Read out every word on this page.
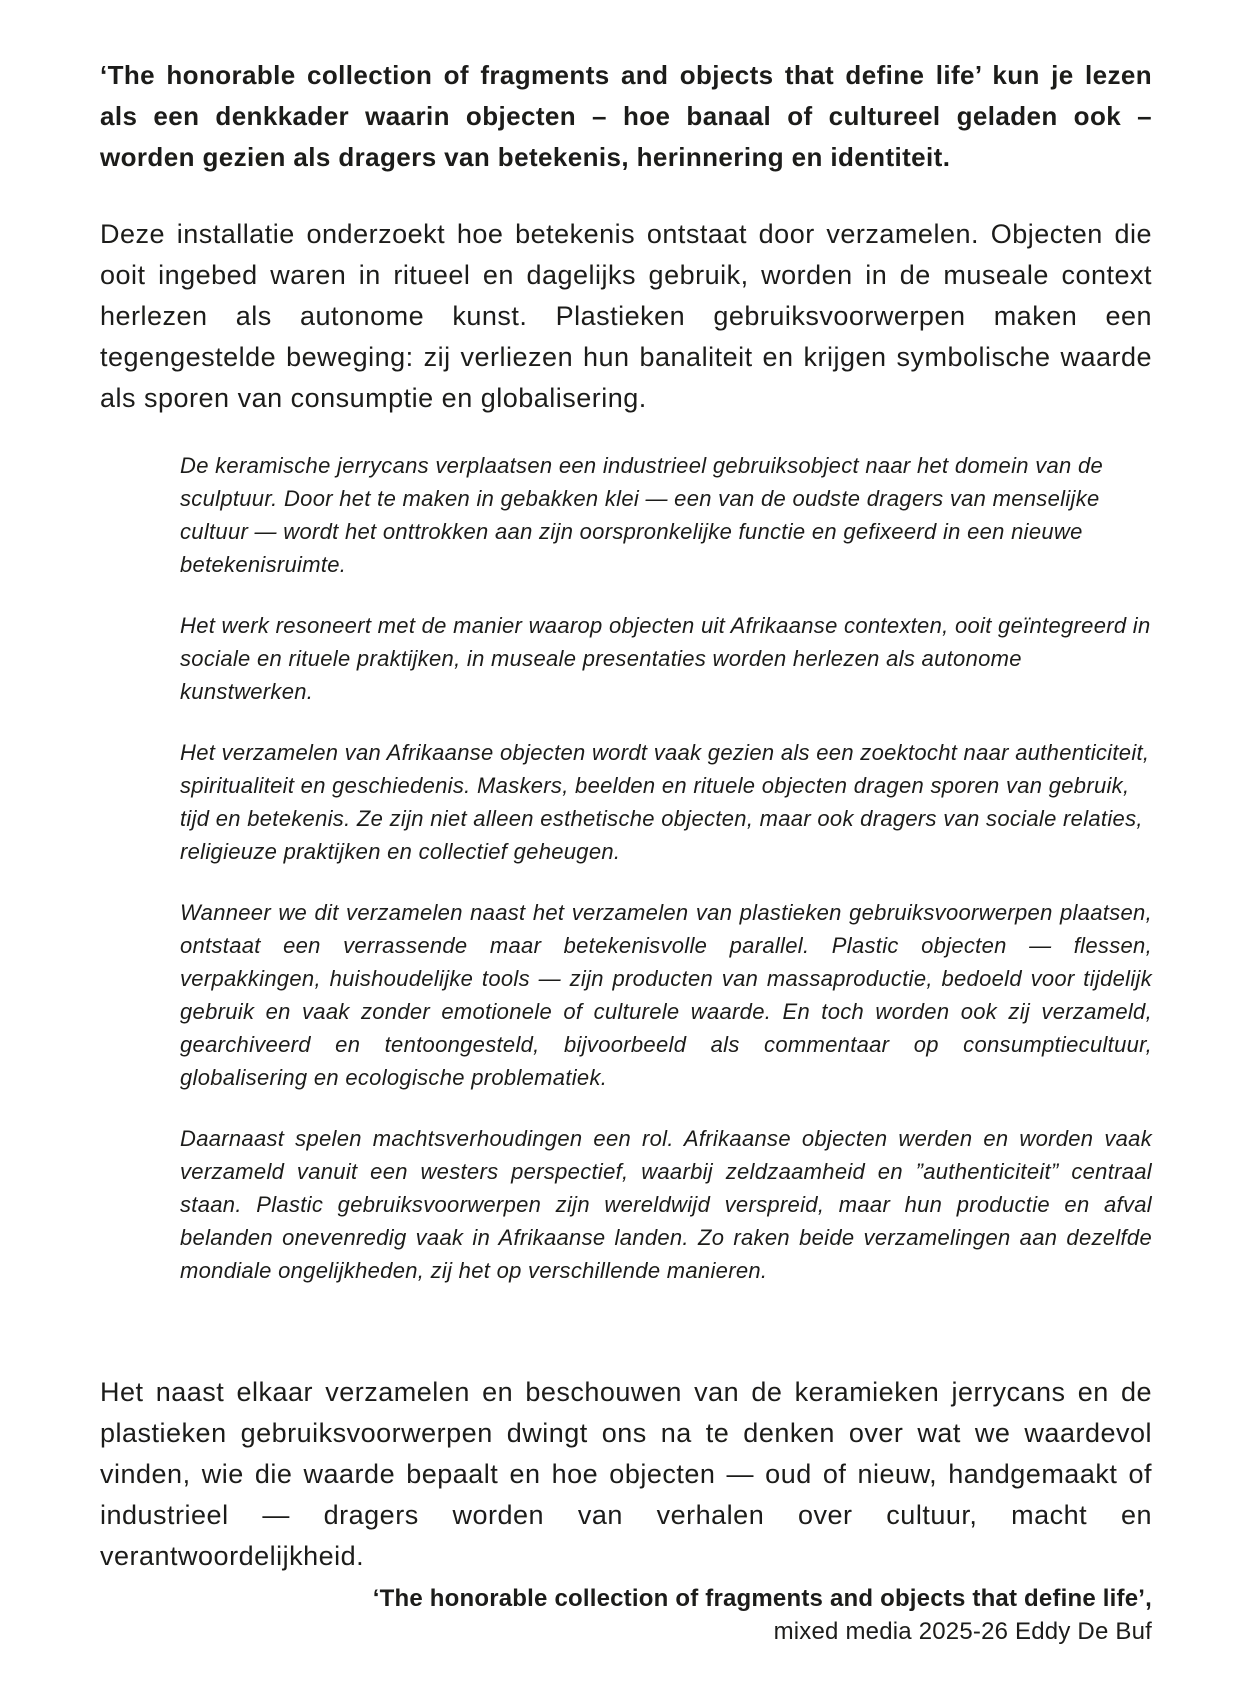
‘The honorable collection of fragments and objects that define life’ kun je lezen als een denkkader waarin objecten – hoe banaal of cultureel geladen ook – worden gezien als dragers van betekenis, herinnering en identiteit.

Deze installatie onderzoekt hoe betekenis ontstaat door verzamelen. Objecten die ooit ingebed waren in ritueel en dagelijks gebruik, worden in de museale context herlezen als autonome kunst. Plastieken gebruiksvoorwerpen maken een tegengestelde beweging: zij verliezen hun banaliteit en krijgen symbolische waarde als sporen van consumptie en globalisering.

De keramische jerrycans verplaatsen een industrieel gebruiksobject naar het domein van de sculptuur. Door het te maken in gebakken klei — een van de oudste dragers van menselijke cultuur — wordt het onttrokken aan zijn oorspronkelijke functie en gefixeerd in een nieuwe betekenisruimte.

Het werk resoneert met de manier waarop objecten uit Afrikaanse contexten, ooit geïntegreerd in sociale en rituele praktijken, in museale presentaties worden herlezen als autonome kunstwerken.

Het verzamelen van Afrikaanse objecten wordt vaak gezien als een zoektocht naar authenticiteit, spiritualiteit en geschiedenis. Maskers, beelden en rituele objecten dragen sporen van gebruik, tijd en betekenis. Ze zijn niet alleen esthetische objecten, maar ook dragers van sociale relaties, religieuze praktijken en collectief geheugen.

Wanneer we dit verzamelen naast het verzamelen van plastieken gebruiksvoorwerpen plaatsen, ontstaat een verrassende maar betekenisvolle parallel. Plastic objecten — flessen, verpakkingen, huishoudelijke tools — zijn producten van massaproductie, bedoeld voor tijdelijk gebruik en vaak zonder emotionele of culturele waarde. En toch worden ook zij verzameld, gearchiveerd en tentoongesteld, bijvoorbeeld als commentaar op consumptiecultuur, globalisering en ecologische problematiek.

Daarnaast spelen machtsverhoudingen een rol. Afrikaanse objecten werden en worden vaak verzameld vanuit een westers perspectief, waarbij zeldzaamheid en ”authenticiteit” centraal staan. Plastic gebruiksvoorwerpen zijn wereldwijd verspreid, maar hun productie en afval belanden onevenredig vaak in Afrikaanse landen. Zo raken beide verzamelingen aan dezelfde mondiale ongelijkheden, zij het op verschillende manieren.

Het naast elkaar verzamelen en beschouwen van de keramieken jerrycans en de plastieken gebruiksvoorwerpen dwingt ons na te denken over wat we waardevol vinden, wie die waarde bepaalt en hoe objecten — oud of nieuw, handgemaakt of industrieel — dragers worden van verhalen over cultuur, macht en verantwoordelijkheid.

‘The honorable collection of fragments and objects that define life’,
mixed media 2025-26 Eddy De Buf
